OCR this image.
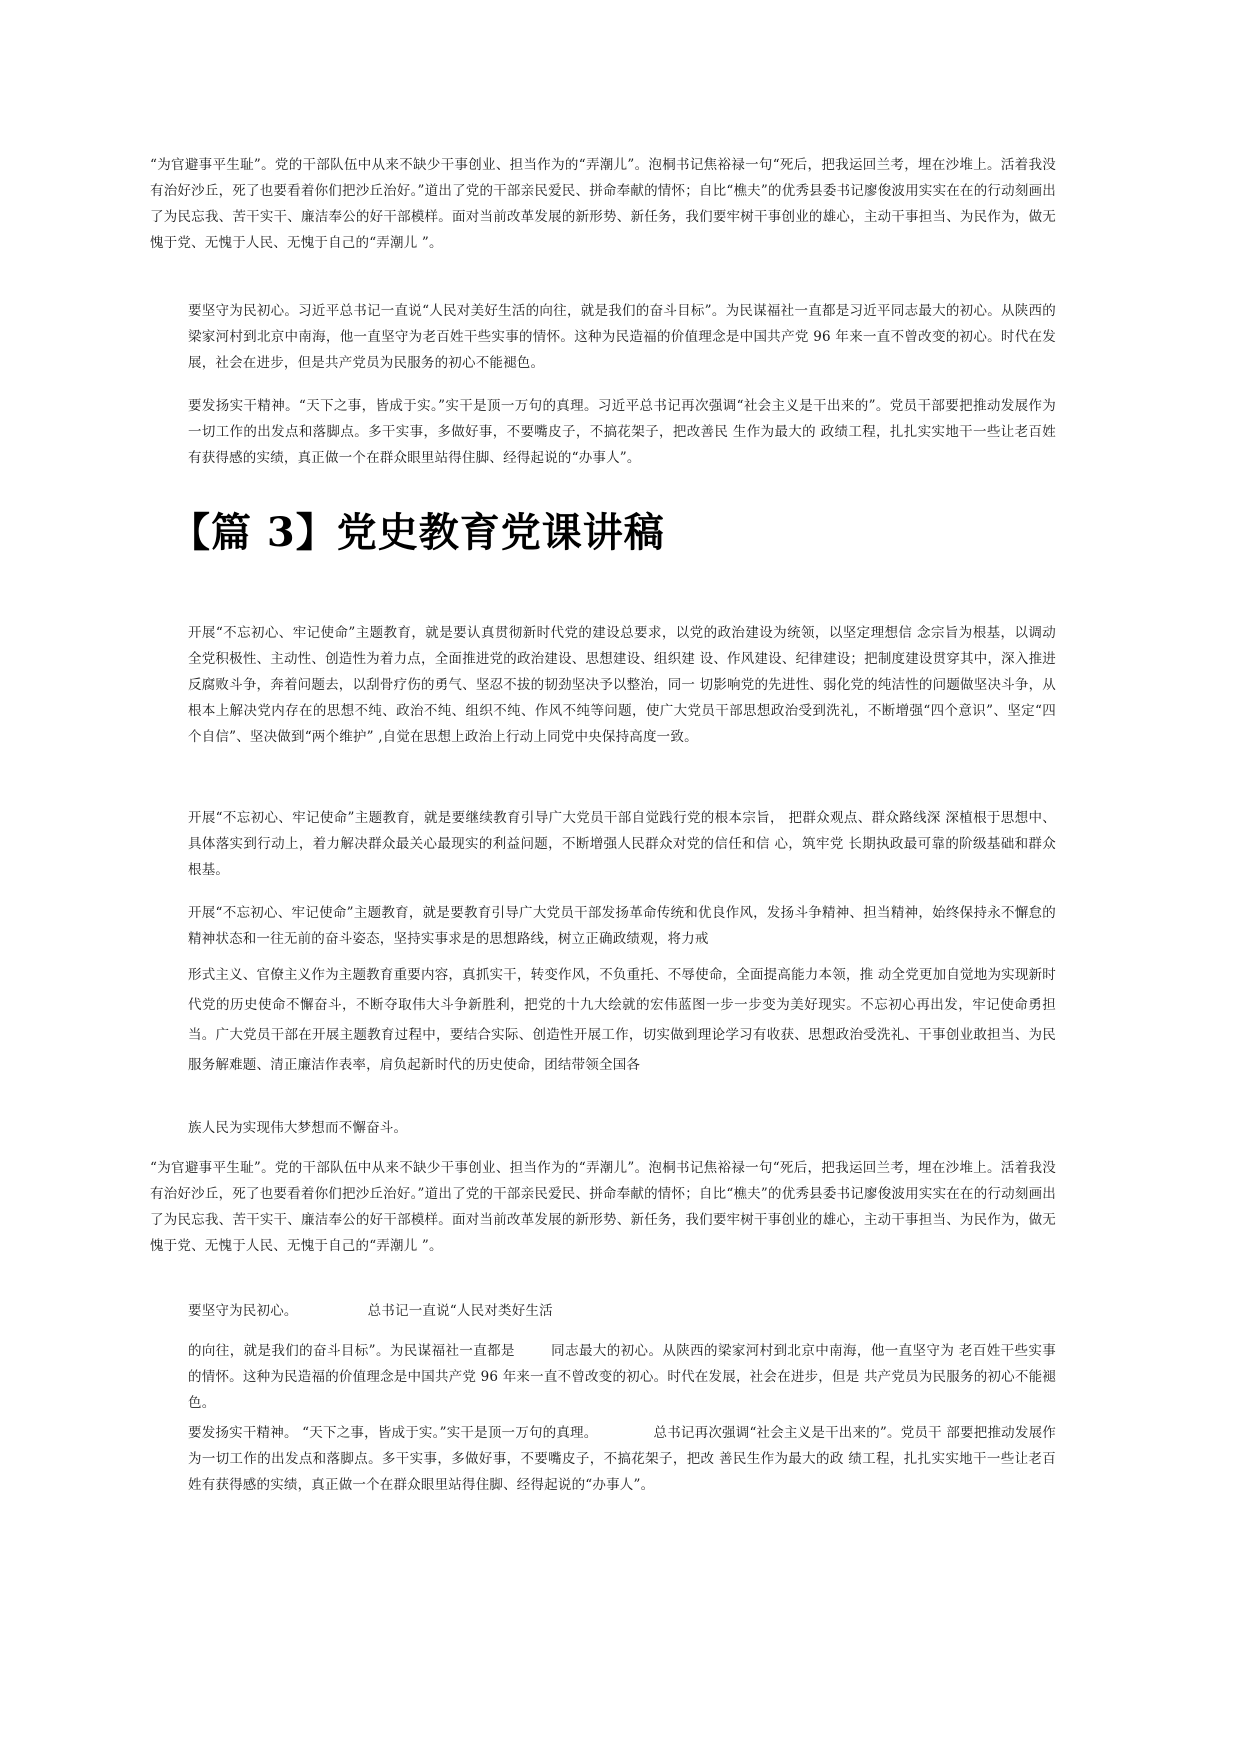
“为官避事平生耻”。党的干部队伍中从来不缺少干事创业、担当作为的“弄潮儿”。泡桐书记焦裕禄一句“死后，把我运回兰考，埋在沙堆上。活着我没有治好沙丘，死了也要看着你们把沙丘治好。”道出了党的干部亲民爱民、拼命奉献的情怀；自比“樵夫”的优秀县委书记廖俊波用实实在在的行动刻画出了为民忘我、苦干实干、廉洁奉公的好干部模样。面对当前改革发展的新形势、新任务，我们要牢树干事创业的雄心，主动干事担当、为民作为，做无愧于党、无愧于人民、无愧于自己的“弄潮儿 ”。

要坚守为民初心。习近平总书记一直说“人民对美好生活的向往，就是我们的奋斗目标”。为民谋福社一直都是习近平同志最大的初心。从陕西的梁家河村到北京中南海，他一直坚守为老百姓干些实事的情怀。这种为民造福的价值理念是中国共产党 96 年来一直不曾改变的初心。时代在发展，社会在进步，但是共产党员为民服务的初心不能褪色。

要发扬实干精神。“天下之事，皆成于实。”实干是顶一万句的真理。习近平总书记再次强调“社会主义是干出来的”。党员干部要把推动发展作为一切工作的出发点和落脚点。多干实事，多做好事，不要嘴皮子，不搞花架子，把改善民 生作为最大的 政绩工程，扎扎实实地干一些让老百姓有获得感的实绩，真正做一个在群众眼里站得住脚、经得起说的“办事人”。

【篇 3】党史教育党课讲稿

开展“不忘初心、牢记使命”主题教育，就是要认真贯彻新时代党的建设总要求，以党的政治建设为统领，以坚定理想信 念宗旨为根基，以调动全党积极性、主动性、创造性为着力点，全面推进党的政治建设、思想建设、组织建 设、作风建设、纪律建设；把制度建设贯穿其中，深入推进反腐败斗争，奔着问题去，以刮骨疗伤的勇气、坚忍不拔的韧劲坚决予以整治，同一 切影响党的先进性、弱化党的纯洁性的问题做坚决斗争，从根本上解决党内存在的思想不纯、政治不纯、组织不纯、作风不纯等问题，使广大党员干部思想政治受到洗礼，不断增强“四个意识”、坚定“四个自信”、坚决做到“两个维护” ,自觉在思想上政治上行动上同党中央保持高度一致。

开展“不忘初心、牢记使命”主题教育，就是要继续教育引导广大党员干部自觉践行党的根本宗旨， 把群众观点、群众路线深 深植根于思想中、具体落实到行动上，着力解决群众最关心最现实的利益问题，不断增强人民群众对党的信任和信 心，筑牢党 长期执政最可靠的阶级基础和群众根基。

开展“不忘初心、牢记使命”主题教育，就是要教育引导广大党员干部发扬革命传统和优良作风，发扬斗争精神、担当精神，始终保持永不懈怠的精神状态和一往无前的奋斗姿态，坚持实事求是的思想路线，树立正确政绩观，将力戒

形式主义、官僚主义作为主题教育重要内容，真抓实干，转变作风，不负重托、不辱使命，全面提高能力本领，推 动全党更加自觉地为实现新时代党的历史使命不懈奋斗，不断夺取伟大斗争新胜利，把党的十九大绘就的宏伟蓝图一步一步变为美好现实。不忘初心再出发，牢记使命勇担当。广大党员干部在开展主题教育过程中，要结合实际、创造性开展工作，切实做到理论学习有收获、思想政治受洗礼、干事创业敢担当、为民服务解难题、清正廉洁作表率，肩负起新时代的历史使命，团结带领全国各

族人民为实现伟大梦想而不懈奋斗。

“为官避事平生耻”。党的干部队伍中从来不缺少干事创业、担当作为的“弄潮儿”。泡桐书记焦裕禄一句“死后，把我运回兰考，埋在沙堆上。活着我没有治好沙丘，死了也要看着你们把沙丘治好。”道出了党的干部亲民爱民、拼命奉献的情怀；自比“樵夫”的优秀县委书记廖俊波用实实在在的行动刻画出了为民忘我、苦干实干、廉洁奉公的好干部模样。面对当前改革发展的新形势、新任务，我们要牢树干事创业的雄心，主动干事担当、为民作为，做无愧于党、无愧于人民、无愧于自己的“弄潮儿 ”。

要坚守为民初心。	总书记一直说“人民对类好生活

的向往，就是我们的奋斗目标”。为民谋福社一直都是	同志最大的初心。从陕西的梁家河村到北京中南海，他一直坚守为 老百姓干些实事的情怀。这种为民造福的价值理念是中国共产党 96 年来一直不曾改变的初心。时代在发展，社会在进步，但是 共产党员为民服务的初心不能褪色。

要发扬实干精神。 “天下之事，皆成于实。”实干是顶一万句的真理。	总书记再次强调“社会主义是干出来的”。党员干 部要把推动发展作为一切工作的出发点和落脚点。多干实事，多做好事，不要嘴皮子，不搞花架子，把改 善民生作为最大的政 绩工程，扎扎实实地干一些让老百姓有获得感的实绩，真正做一个在群众眼里站得住脚、经得起说的“办事人”。
